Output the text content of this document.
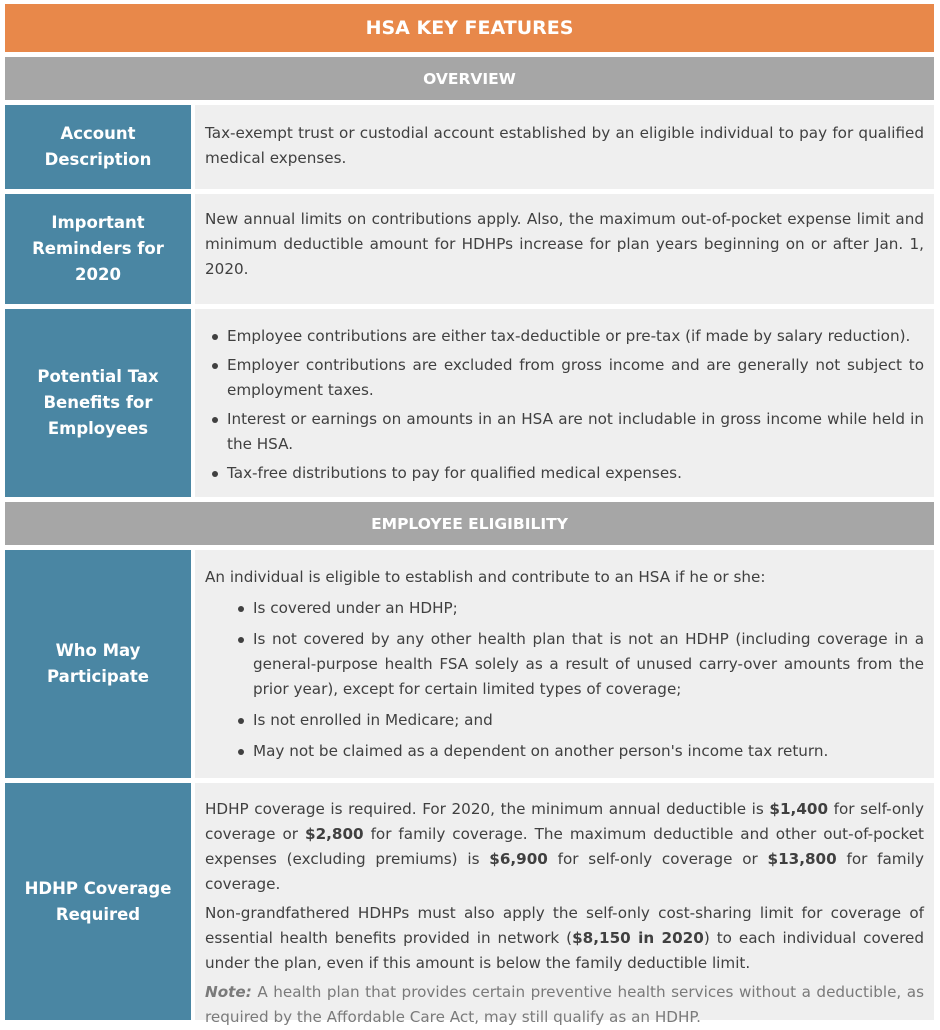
HSA KEY FEATURES
OVERVIEW
Account
Description

Tax-exempt trust or custodial account established by an eligible individual to pay for qualified medical expenses.

Important
Reminders for
2020

New annual limits on contributions apply. Also, the maximum out-of-pocket expense limit and minimum deductible amount for HDHPs increase for plan years beginning on or after Jan. 1, 2020.

Potential Tax
Benefits for
Employees
Employee contributions are either tax-deductible or pre-tax (if made by salary reduction).
Employer contributions are excluded from gross income and are generally not subject to employment taxes.
Interest or earnings on amounts in an HSA are not includable in gross income while held in the HSA.
Tax-free distributions to pay for qualified medical expenses.
EMPLOYEE ELIGIBILITY
Who May
Participate

An individual is eligible to establish and contribute to an HSA if he or she:

Is covered under an HDHP;
Is not covered by any other health plan that is not an HDHP (including coverage in a general-purpose health FSA solely as a result of unused carry-over amounts from the prior year), except for certain limited types of coverage;
Is not enrolled in Medicare; and
May not be claimed as a dependent on another person's income tax return.
HDHP Coverage
Required

HDHP coverage is required. For 2020, the minimum annual deductible is $1,400 for self-only coverage or $2,800 for family coverage. The maximum deductible and other out-of-pocket expenses (excluding premiums) is $6,900 for self-only coverage or $13,800 for family coverage.

Non-grandfathered HDHPs must also apply the self-only cost-sharing limit for coverage of essential health benefits provided in network ($8,150 in 2020) to each individual covered under the plan, even if this amount is below the family deductible limit.

Note: A health plan that provides certain preventive health services without a deductible, as required by the Affordable Care Act, may still qualify as an HDHP.
